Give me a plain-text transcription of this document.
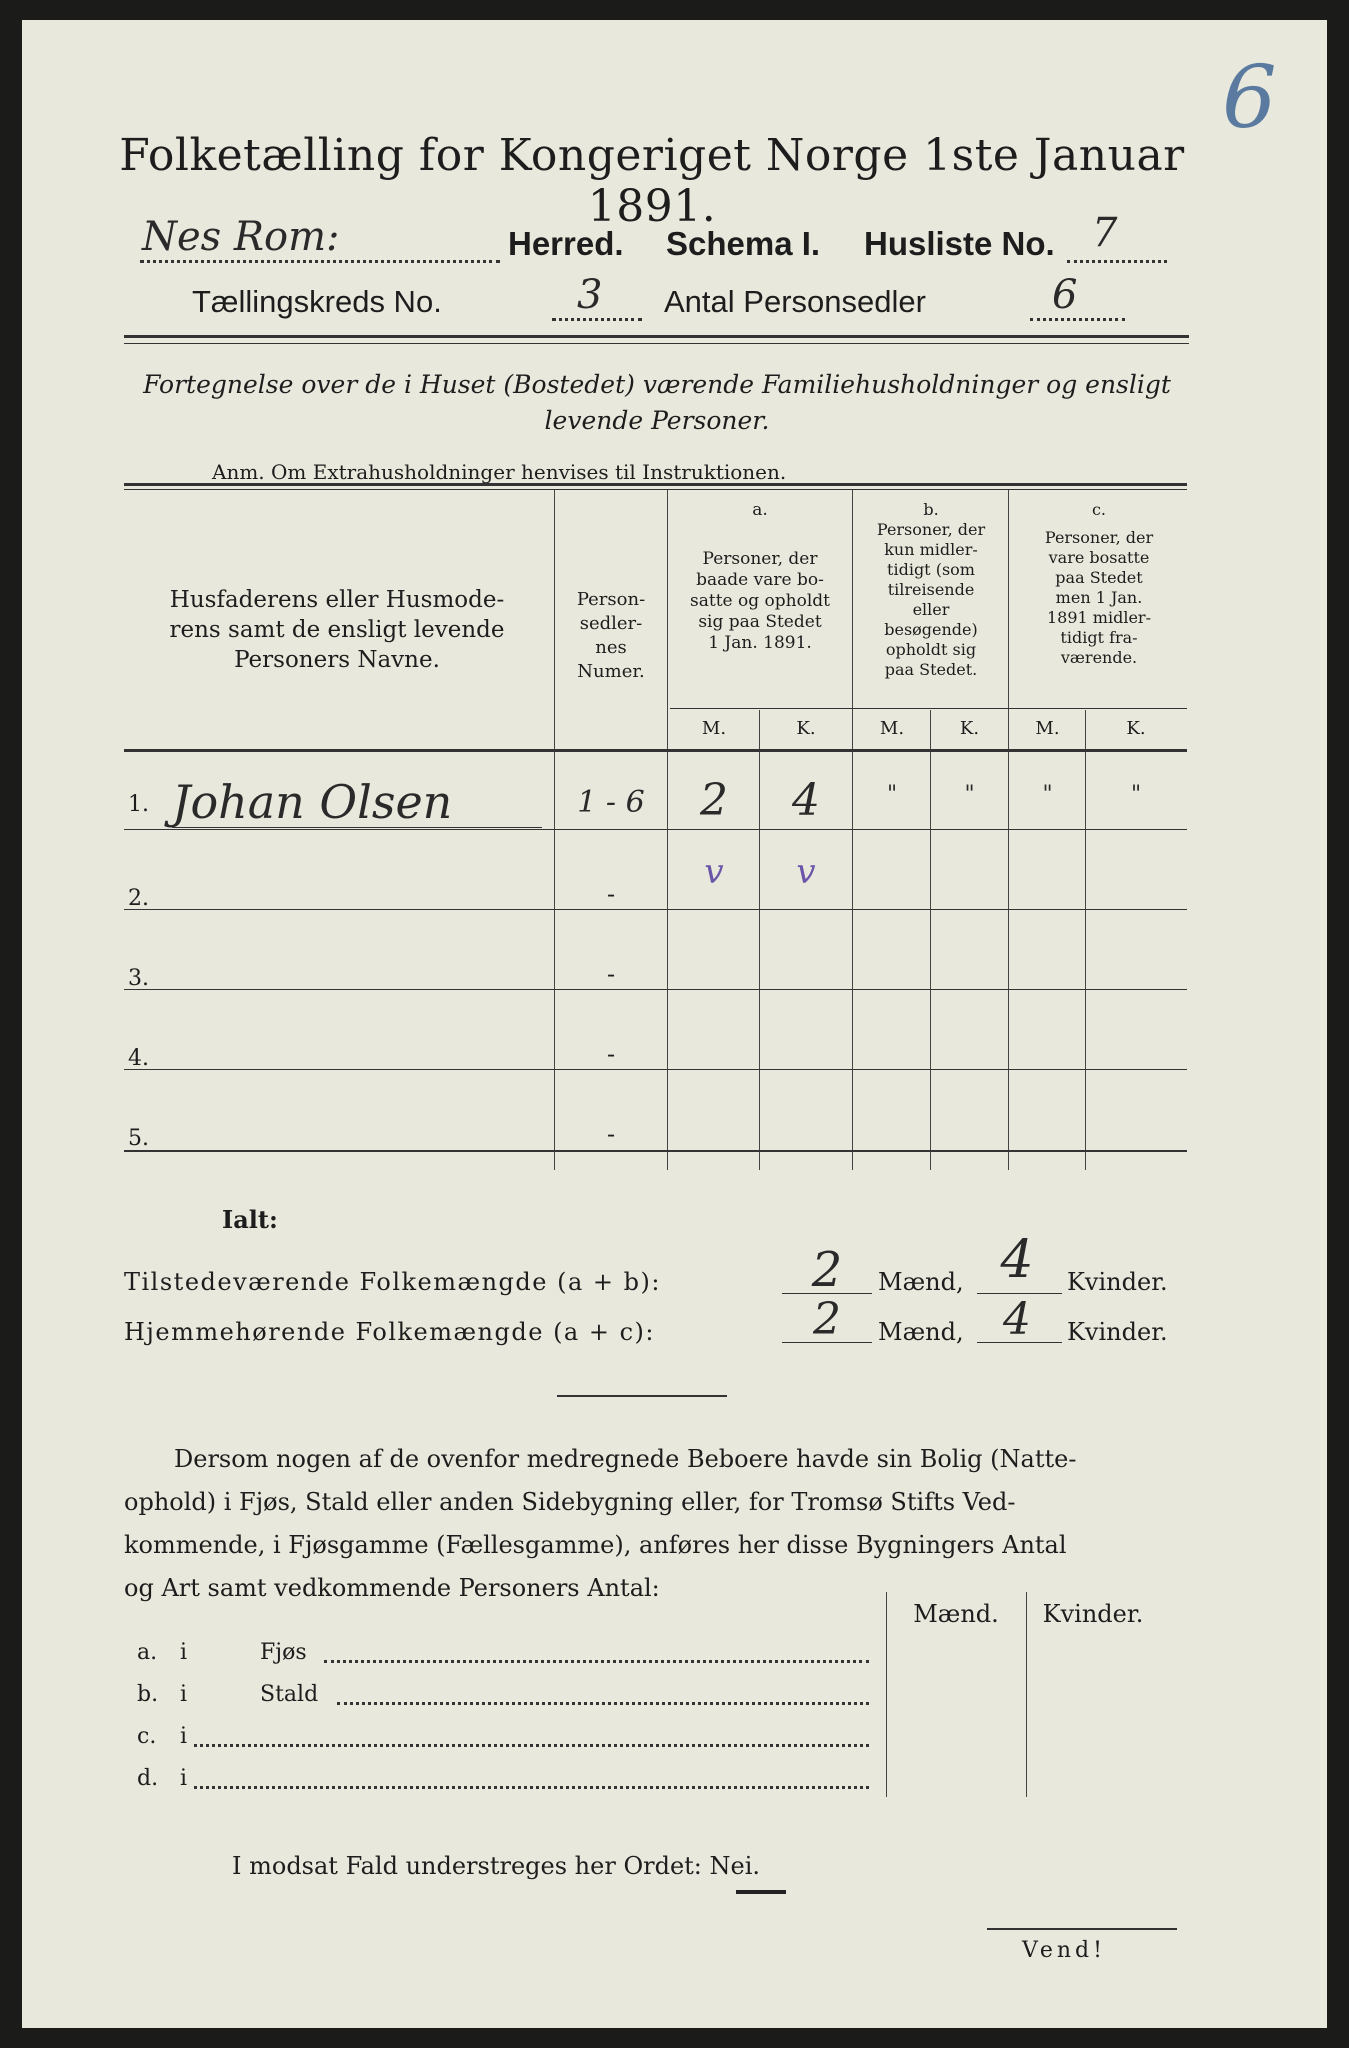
6
Folketælling for Kongeriget Norge 1ste Januar 1891.
Nes Rom:	Herred. Schema I. Husliste No. 7
Tællingskreds No.	3 Antal Personsedler	6
Fortegnelse over de i Huset (Bostedet) værende Familiehusholdninger og ensligt
levende Personer.
Anm. Om Extrahusholdninger henvises til Instruktionen.
Husfaderens eller Husmode-
rens samt de ensligt levende
Personers Navne.
Person-
sedler-
nes
Numer.
a.
Personer, der
baade vare bo-
satte og opholdt
sig paa Stedet
1 Jan. 1891.
b.
Personer, der
kun midler-
tidigt (som
tilreisende
eller
besøgende)
opholdt sig
paa Stedet.
c.
Personer, der
vare bosatte
paa Stedet
men 1 Jan.
1891 midler-
tidigt fra-
værende.
M.	K.	M.	K.	M.	K.
1. Johan Olsen	1 - 6	2	4	"	"	"	"
v	v
2.	-
3.	-
4.	-
5.	-
Ialt:
Tilstedeværende Folkemængde (a + b):	2	Mænd, 4	Kvinder.
Hjemmehørende Folkemængde (a + c):	2	Mænd, 4	Kvinder.
Dersom nogen af de ovenfor medregnede Beboere havde sin Bolig (Natte-
ophold) i Fjøs, Stald eller anden Sidebygning eller, for Tromsø Stifts Ved-
kommende, i Fjøsgamme (Fællesgamme), anføres her disse Bygningers Antal
og Art samt vedkommende Personers Antal:
Mænd.	Kvinder.
a. i	Fjøs
b. i	Stald
c. i
d. i
I modsat Fald understreges her Ordet: Nei.
Vend!
